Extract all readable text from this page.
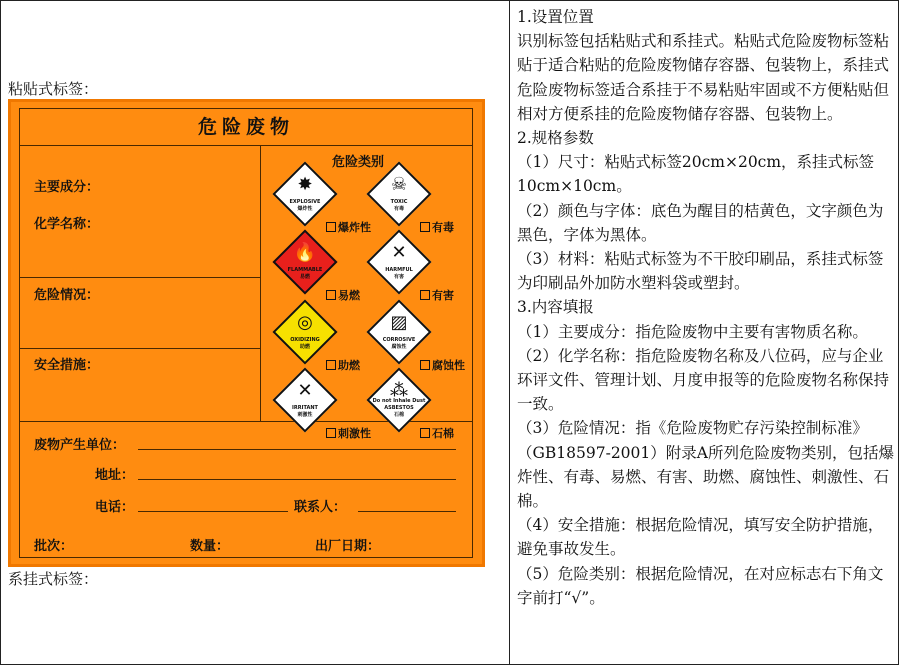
粘贴式标签：
危险废物
主要成分：
化学名称：
危险情况：
安全措施：
危险类别
✸
EXPLOSIVE
爆炸性
爆炸性
☠
TOXIC
有毒
有毒
🔥
FLAMMABLE
易燃
易燃
✕
HARMFUL
有害
有害
◎
OXIDIZING
助燃
助燃
▨
CORROSIVE
腐蚀性
腐蚀性
✕
IRRITANT
刺激性
刺激性
⁂
ASBESTOS
石棉
Do not Inhale Dust
石棉
废物产生单位：
地址：
电话：	联系人：
批次：	数量：	出厂日期：
系挂式标签：

1.设置位置

识别标签包括粘贴式和系挂式。粘贴式危险废物标签粘贴于适合粘贴的危险废物储存容器、包装物上，系挂式危险废物标签适合系挂于不易粘贴牢固或不方便粘贴但相对方便系挂的危险废物储存容器、包装物上。

2.规格参数

（1）尺寸：粘贴式标签20cm×20cm，系挂式标签10cm×10cm。

（2）颜色与字体：底色为醒目的桔黄色，文字颜色为黑色，字体为黑体。

（3）材料：粘贴式标签为不干胶印刷品，系挂式标签为印刷品外加防水塑料袋或塑封。

3.内容填报

（1）主要成分：指危险废物中主要有害物质名称。

（2）化学名称：指危险废物名称及八位码，应与企业环评文件、管理计划、月度申报等的危险废物名称保持一致。

（3）危险情况：指《危险废物贮存污染控制标准》（GB18597-2001）附录A所列危险废物类别，包括爆炸性、有毒、易燃、有害、助燃、腐蚀性、刺激性、石棉。

（4）安全措施：根据危险情况，填写安全防护措施，避免事故发生。

（5）危险类别：根据危险情况，在对应标志右下角文字前打“√”。
